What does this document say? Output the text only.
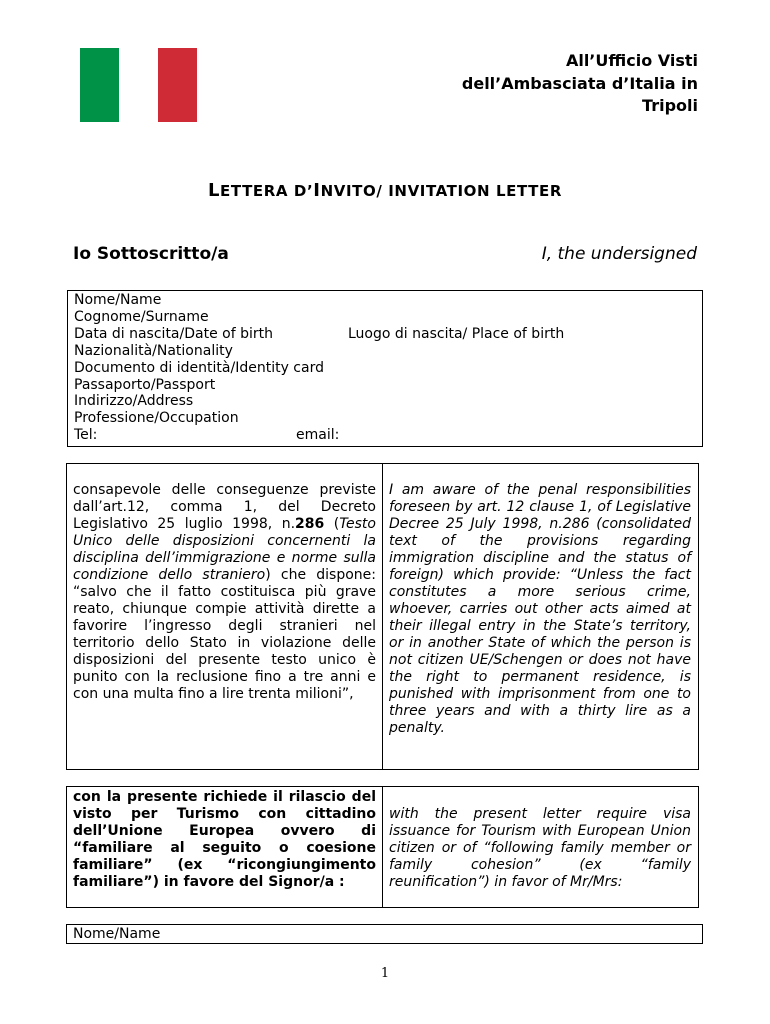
All’Ufficio Visti
dell’Ambasciata d’Italia in
Tripoli
LETTERA D’INVITO/ INVITATION LETTER
Io Sottoscritto/a	I, the undersigned
Nome/Name
Cognome/Surname
Data di nascita/Date of birth	Luogo di nascita/ Place of birth
Nazionalità/Nationality
Documento di identità/Identity card
Passaporto/Passport
Indirizzo/Address
Professione/Occupation
Tel:	email:
consapevole delle conseguenze previste dall’art.12, comma 1, del Decreto Legislativo 25 luglio 1998, n.286 (Testo Unico delle disposizioni concernenti la disciplina dell’immigrazione e norme sulla condizione dello straniero) che dispone: “salvo che il fatto costituisca più grave reato, chiunque compie attività dirette a favorire l’ingresso degli stranieri nel territorio dello Stato in violazione delle disposizioni del presente testo unico è punito con la reclusione fino a tre anni e con una multa fino a lire trenta milioni”,
I am aware of the penal responsibilities foreseen by art. 12 clause 1, of Legislative Decree 25 July 1998, n.286 (consolidated text of the provisions regarding immigration discipline and the status of foreign) which provide: “Unless the fact constitutes a more serious crime, whoever, carries out other acts aimed at their illegal entry in the State’s territory, or in another State of which the person is not citizen UE/Schengen or does not have the right to permanent residence, is punished with imprisonment from one to three years and with a thirty lire as a penalty.
con la presente richiede il rilascio del visto per Turismo con cittadino dell’Unione Europea ovvero di “familiare al seguito o coesione familiare” (ex “ricongiungimento familiare”) in favore del Signor/a :
with the present letter require visa issuance for Tourism with European Union citizen or of “following family member or family cohesion” (ex “family reunification”) in favor of Mr/Mrs:
Nome/Name
1
